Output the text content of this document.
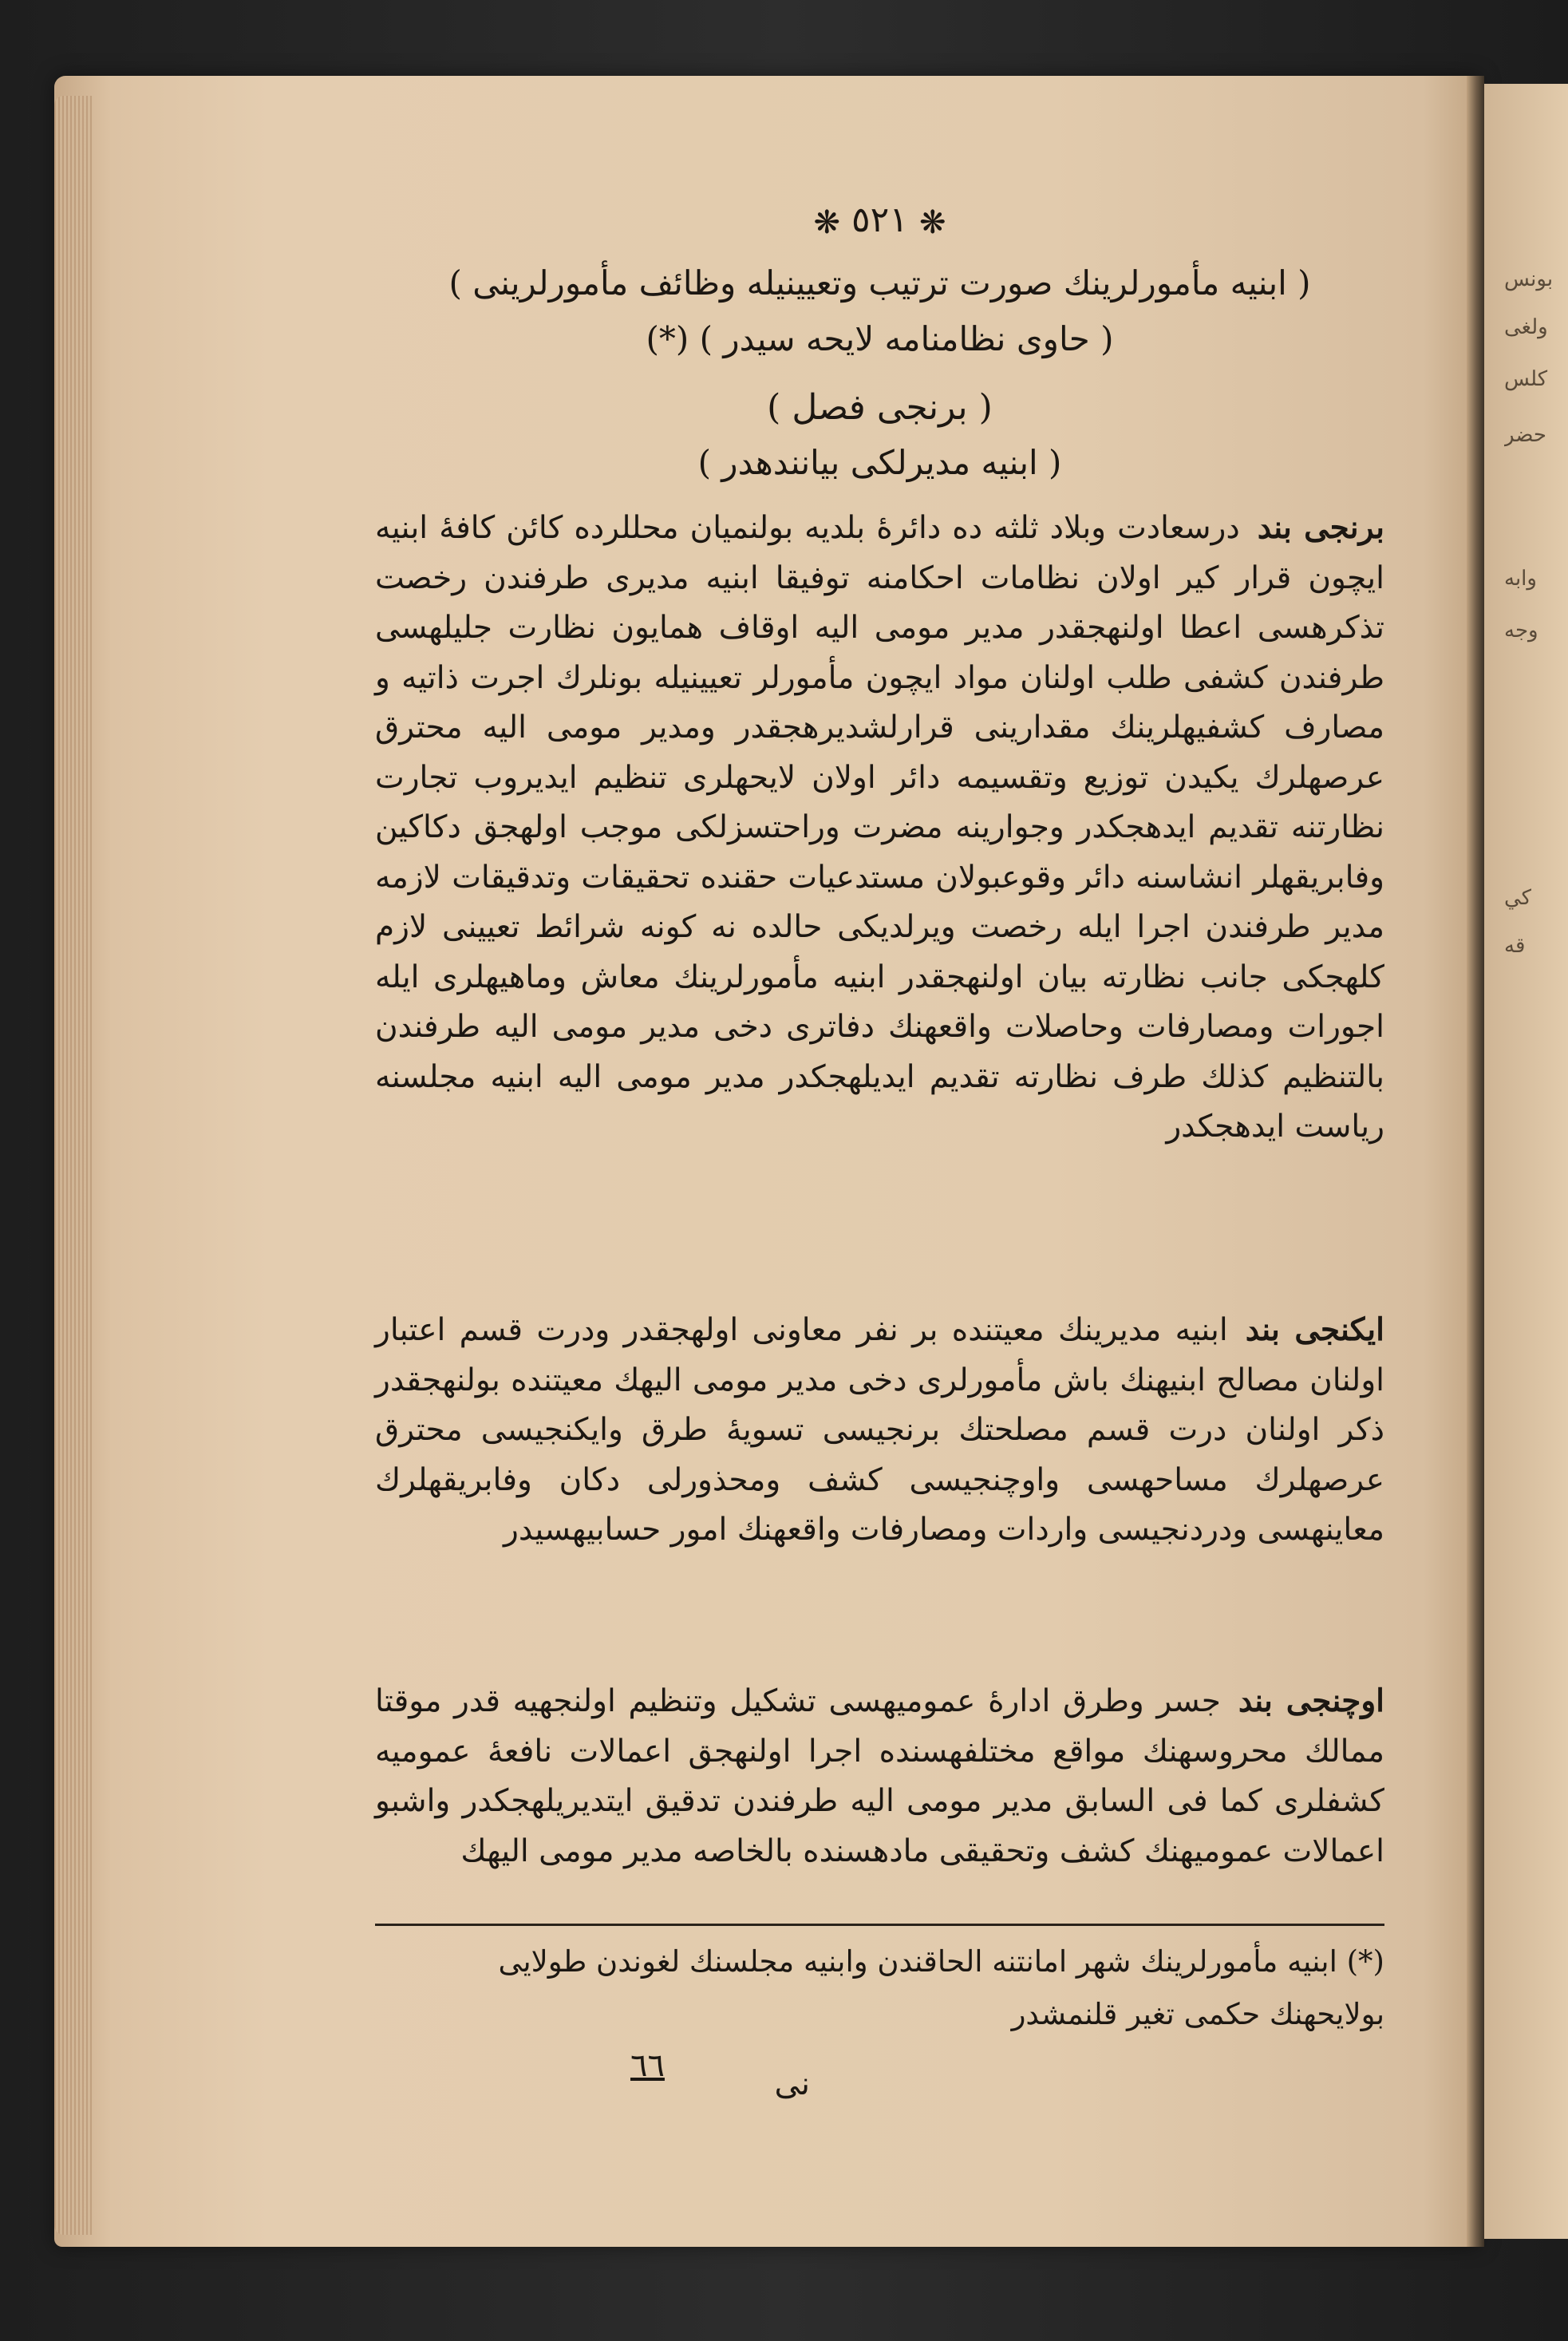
بونس
ولغی
كلس
حضر
وابه
وجه
كي
قه
❋٥٢١❋
( ابنیه مأمورلرینك صورت ترتیب وتعیینیله وظائف مأمورلرینی )
( حاوی نظامنامه لایحه سیدر ) (*)
( برنجی فصل )
( ابنیه مدیرلکی بیانندهدر )
برنجی بنددرسعادت وبلاد ثلثه ده دائرهٔ بلدیه بولنمیان محللرده کائن کافهٔ ابنیه ایچون قرار کیر اولان نظامات احکامنه توفیقا ابنیه مدیری طرفندن رخصت تذکرهسی اعطا اولنهجقدر مدیر مومی الیه اوقاف همایون نظارت جلیلهسی طرفندن کشفی طلب اولنان مواد ایچون مأمورلر تعیینیله بونلرك اجرت ذاتیه و مصارف کشفیهلرینك مقدارینی قرارلشدیرهجقدر ومدیر مومی الیه محترق عرصهلرك یکیدن توزیع وتقسیمه دائر اولان لایحهلری تنظیم ایدیروب تجارت نظارتنه تقدیم ایدهجکدر وجوارینه مضرت وراحتسزلکی موجب اولهجق دکاکین وفابریقهلر انشاسنه دائر وقوعبولان مستدعیات حقنده تحقیقات وتدقیقات لازمه مدیر طرفندن اجرا ایله رخصت ویرلدیکی حالده نه کونه شرائط تعیینی لازم کلهجکی جانب نظارته بیان اولنهجقدر ابنیه مأمورلرینك معاش وماهیهلری ایله اجورات ومصارفات وحاصلات واقعهنك دفاتری دخی مدیر مومی الیه طرفندن بالتنظیم کذلك طرف نظارته تقدیم ایدیلهجکدر مدیر مومی الیه ابنیه مجلسنه ریاست ایدهجکدر
ایکنجی بندابنیه مدیرینك معیتنده بر نفر معاونی اولهجقدر ودرت قسم اعتبار اولنان مصالح ابنیهنك باش مأمورلری دخی مدیر مومی الیهك معیتنده بولنهجقدر ذکر اولنان درت قسم مصلحتك برنجیسی تسویهٔ طرق وایکنجیسی محترق عرصهلرك مساحهسی واوچنجیسی کشف ومحذورلی دکان وفابریقهلرك معاینهسی ودردنجیسی واردات ومصارفات واقعهنك امور حسابیهسیدر
اوچنجی بندجسر وطرق ادارهٔ عمومیهسی تشکیل وتنظیم اولنجهیه قدر موقتا ممالك محروسهنك مواقع مختلفهسنده اجرا اولنهجق اعمالات نافعهٔ عمومیه کشفلری کما فی السابق مدیر مومی الیه طرفندن تدقیق ایتدیریلهجکدر واشبو اعمالات عمومیهنك کشف وتحقیقی مادهسنده بالخاصه مدیر مومی الیهك
(*) ابنیه مأمورلرینك شهر امانتنه الحاقندن وابنیه مجلسنك لغوندن طولایی بولایحهنك حکمی تغیر قلنمشدر
٦٦	نی
